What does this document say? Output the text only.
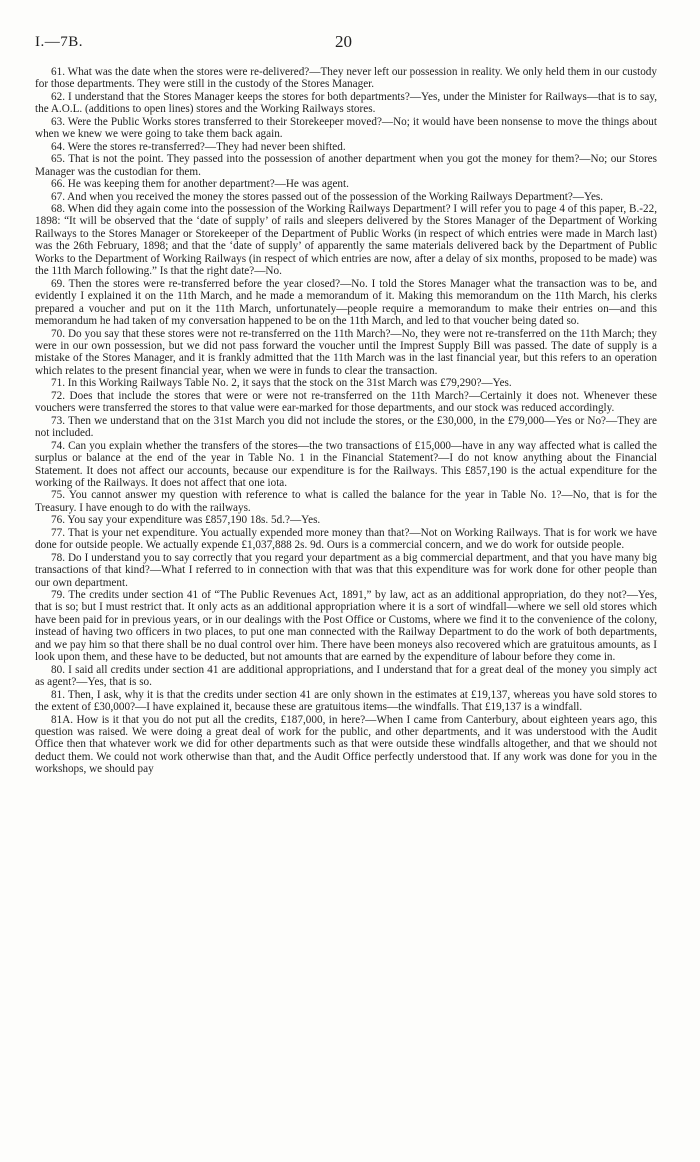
I.—7B.	20

61. What was the date when the stores were re-delivered?—They never left our possession in reality. We only held them in our custody for those departments. They were still in the custody of the Stores Manager.

62. I understand that the Stores Manager keeps the stores for both departments?—Yes, under the Minister for Railways—that is to say, the A.O.L. (additions to open lines) stores and the Working Railways stores.

63. Were the Public Works stores transferred to their Storekeeper moved?—No; it would have been nonsense to move the things about when we knew we were going to take them back again.

64. Were the stores re-transferred?—They had never been shifted.

65. That is not the point. They passed into the possession of another department when you got the money for them?—No; our Stores Manager was the custodian for them.

66. He was keeping them for another department?—He was agent.

67. And when you received the money the stores passed out of the possession of the Working Railways Department?—Yes.

68. When did they again come into the possession of the Working Railways Department? I will refer you to page 4 of this paper, B.-22, 1898: “It will be observed that the ‘date of supply’ of rails and sleepers delivered by the Stores Manager of the Department of Working Railways to the Stores Manager or Storekeeper of the Department of Public Works (in respect of which entries were made in March last) was the 26th February, 1898; and that the ‘date of supply’ of apparently the same materials delivered back by the Department of Public Works to the Department of Working Railways (in respect of which entries are now, after a delay of six months, proposed to be made) was the 11th March following.” Is that the right date?—No.

69. Then the stores were re-transferred before the year closed?—No. I told the Stores Manager what the transaction was to be, and evidently I explained it on the 11th March, and he made a memorandum of it. Making this memorandum on the 11th March, his clerks prepared a voucher and put on it the 11th March, unfortunately—people require a memorandum to make their entries on—and this memorandum he had taken of my conversation happened to be on the 11th March, and led to that voucher being dated so.

70. Do you say that these stores were not re-transferred on the 11th March?—No, they were not re-transferred on the 11th March; they were in our own possession, but we did not pass forward the voucher until the Imprest Supply Bill was passed. The date of supply is a mistake of the Stores Manager, and it is frankly admitted that the 11th March was in the last financial year, but this refers to an operation which relates to the present financial year, when we were in funds to clear the transaction.

71. In this Working Railways Table No. 2, it says that the stock on the 31st March was £79,290?—Yes.

72. Does that include the stores that were or were not re-transferred on the 11th March?—Certainly it does not. Whenever these vouchers were transferred the stores to that value were ear-marked for those departments, and our stock was reduced accordingly.

73. Then we understand that on the 31st March you did not include the stores, or the £30,000, in the £79,000—Yes or No?—They are not included.

74. Can you explain whether the transfers of the stores—the two transactions of £15,000—have in any way affected what is called the surplus or balance at the end of the year in Table No. 1 in the Financial Statement?—I do not know anything about the Financial Statement. It does not affect our accounts, because our expenditure is for the Railways. This £857,190 is the actual expenditure for the working of the Railways. It does not affect that one iota.

75. You cannot answer my question with reference to what is called the balance for the year in Table No. 1?—No, that is for the Treasury. I have enough to do with the railways.

76. You say your expenditure was £857,190 18s. 5d.?—Yes.

77. That is your net expenditure. You actually expended more money than that?—Not on Working Railways. That is for work we have done for outside people. We actually expende £1,037,888 2s. 9d. Ours is a commercial concern, and we do work for outside people.

78. Do I understand you to say correctly that you regard your department as a big commercial department, and that you have many big transactions of that kind?—What I referred to in connection with that was that this expenditure was for work done for other people than our own department.

79. The credits under section 41 of “The Public Revenues Act, 1891,” by law, act as an additional appropriation, do they not?—Yes, that is so; but I must restrict that. It only acts as an additional appropriation where it is a sort of windfall—where we sell old stores which have been paid for in previous years, or in our dealings with the Post Office or Customs, where we find it to the convenience of the colony, instead of having two officers in two places, to put one man connected with the Railway Department to do the work of both departments, and we pay him so that there shall be no dual control over him. There have been moneys also recovered which are gratuitous amounts, as I look upon them, and these have to be deducted, but not amounts that are earned by the expenditure of labour before they come in.

80. I said all credits under section 41 are additional appropriations, and I understand that for a great deal of the money you simply act as agent?—Yes, that is so.

81. Then, I ask, why it is that the credits under section 41 are only shown in the estimates at £19,137, whereas you have sold stores to the extent of £30,000?—I have explained it, because these are gratuitous items—the windfalls. That £19,137 is a windfall.

81A. How is it that you do not put all the credits, £187,000, in here?—When I came from Canterbury, about eighteen years ago, this question was raised. We were doing a great deal of work for the public, and other departments, and it was understood with the Audit Office then that whatever work we did for other departments such as that were outside these windfalls altogether, and that we should not deduct them. We could not work otherwise than that, and the Audit Office perfectly understood that. If any work was done for you in the workshops, we should pay
